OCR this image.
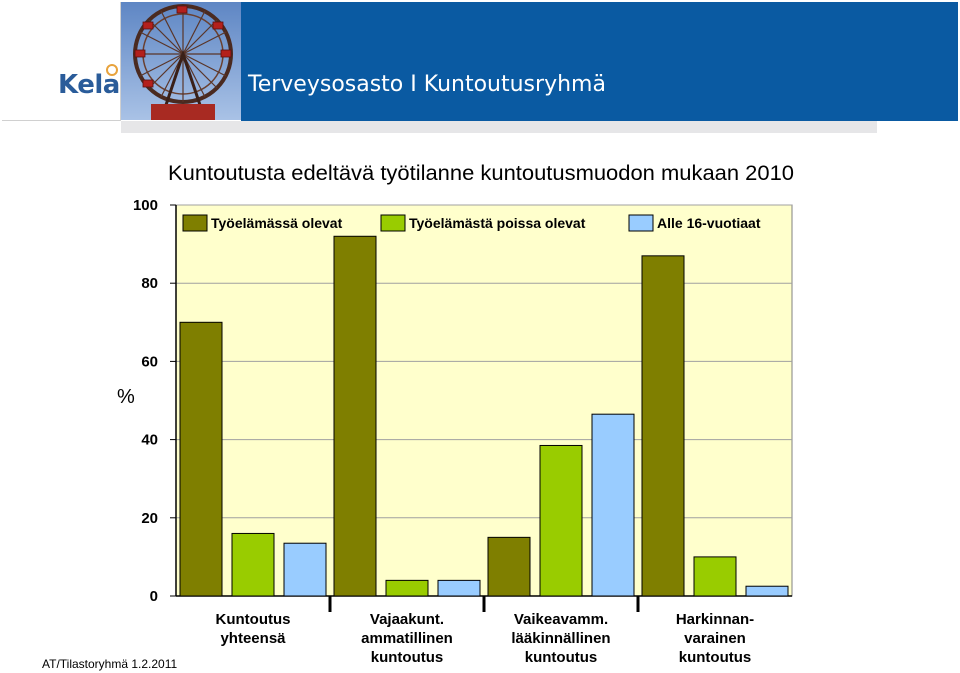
Kela	Terveysosasto I Kuntoutusryhmä
Kuntoutusta edeltävä työtilanne kuntoutusmuodon mukaan 2010
%
0
20
40
60
80
100
Kuntoutus
yhteensä
Vajaakunt.
ammatillinen
kuntoutus
Vaikeavamm.
lääkinnällinen
kuntoutus
Harkinnan-
varainen
kuntoutus
Työelämässä olevat	Työelämästä poissa olevat	Alle 16-vuotiaat
AT/Tilastoryhmä 1.2.2011
